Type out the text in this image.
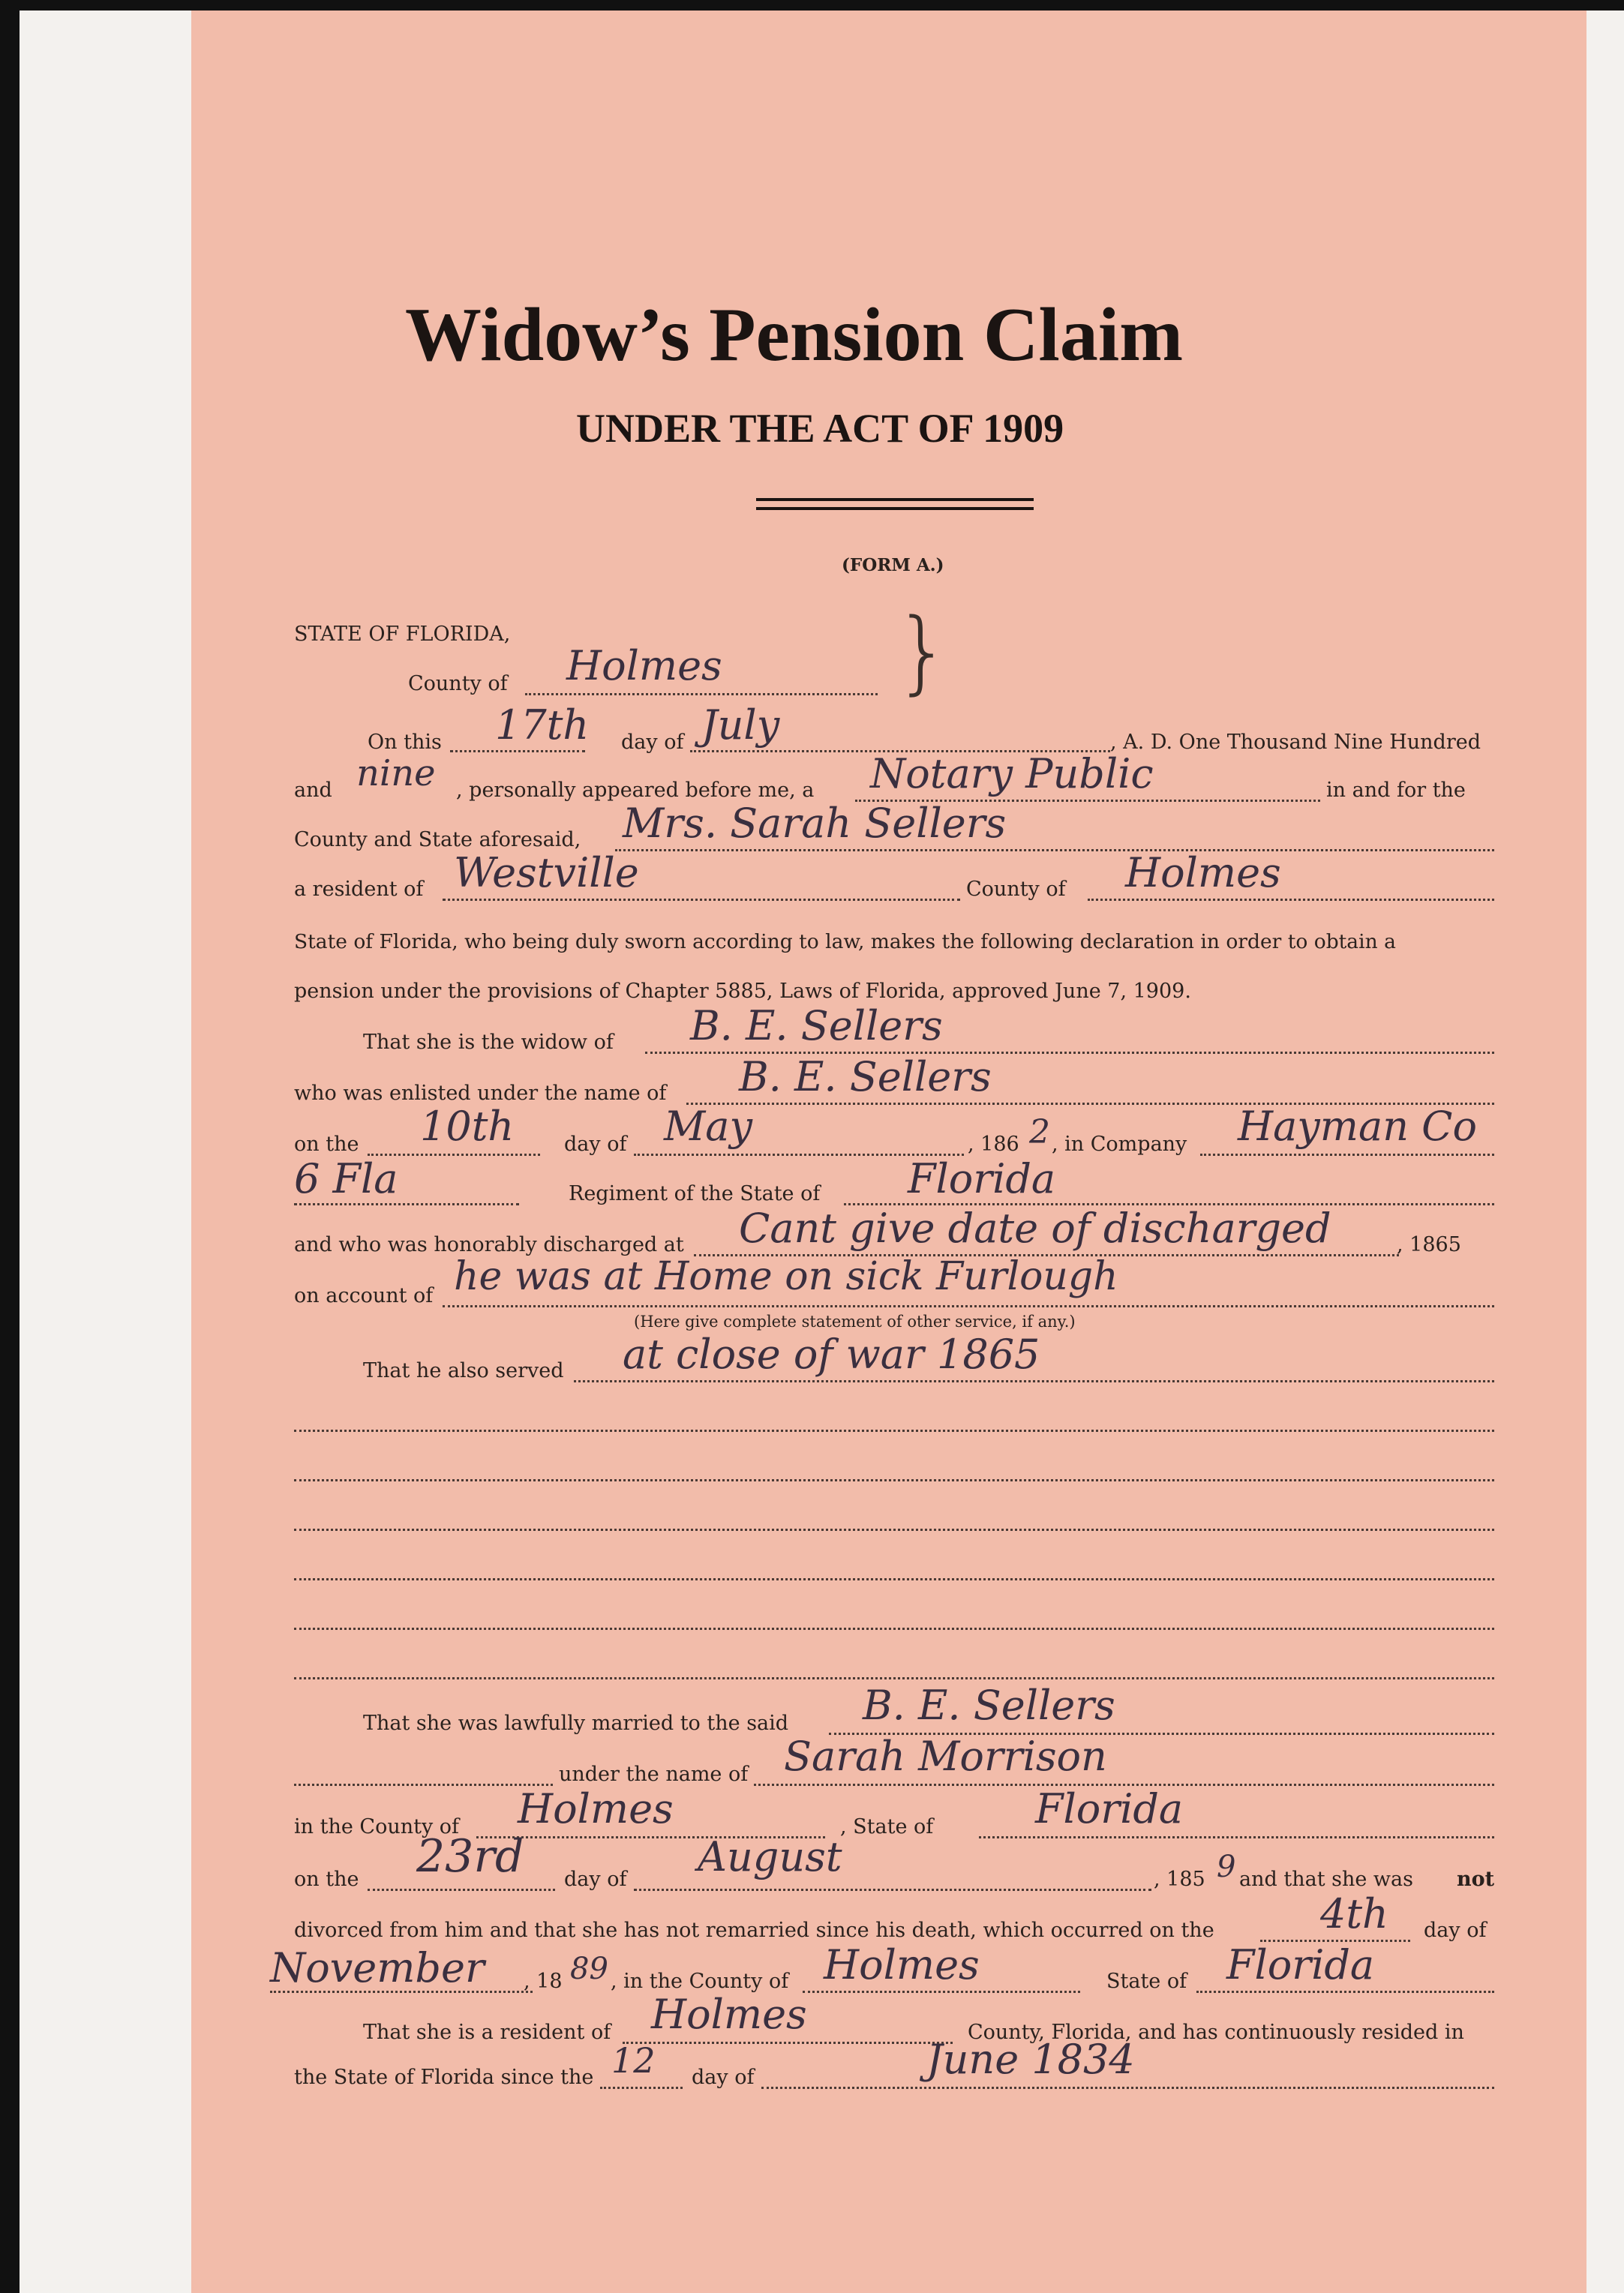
Widow’s Pension Claim
UNDER THE ACT OF 1909
(FORM A.)
STATE OF FLORIDA,
County of Holmes }
On this 17th day of July	, A. D. One Thousand Nine Hundred
and nine , personally appeared before me, a Notary Public	in and for the
County and State aforesaid, Mrs. Sarah Sellers
a resident of Westville	County of Holmes
State of Florida, who being duly sworn according to law, makes the following declaration in order to obtain a
pension under the provisions of Chapter 5885, Laws of Florida, approved June 7, 1909.
That she is the widow of B. E. Sellers
who was enlisted under the name of B. E. Sellers
on the 10th day of May	, 186 2 , in Company Hayman Co
6 Fla	Regiment of the State of Florida
and who was honorably discharged at Cant give date of discharged	, 1865
on account of he was at Home on sick Furlough
(Here give complete statement of other service, if any.)
That he also served at close of war 1865
That she was lawfully married to the said B. E. Sellers
under the name of Sarah Morrison
in the County of Holmes	, State of	Florida
on the 23rd day of August	, 185 9 and that she was not
divorced from him and that she has not remarried since his death, which occurred on the	4th day of
November , 18 89 , in the County of Holmes	State of Florida
That she is a resident of Holmes	County, Florida, and has continuously resided in
the State of Florida since the 12 day of	June 1834
